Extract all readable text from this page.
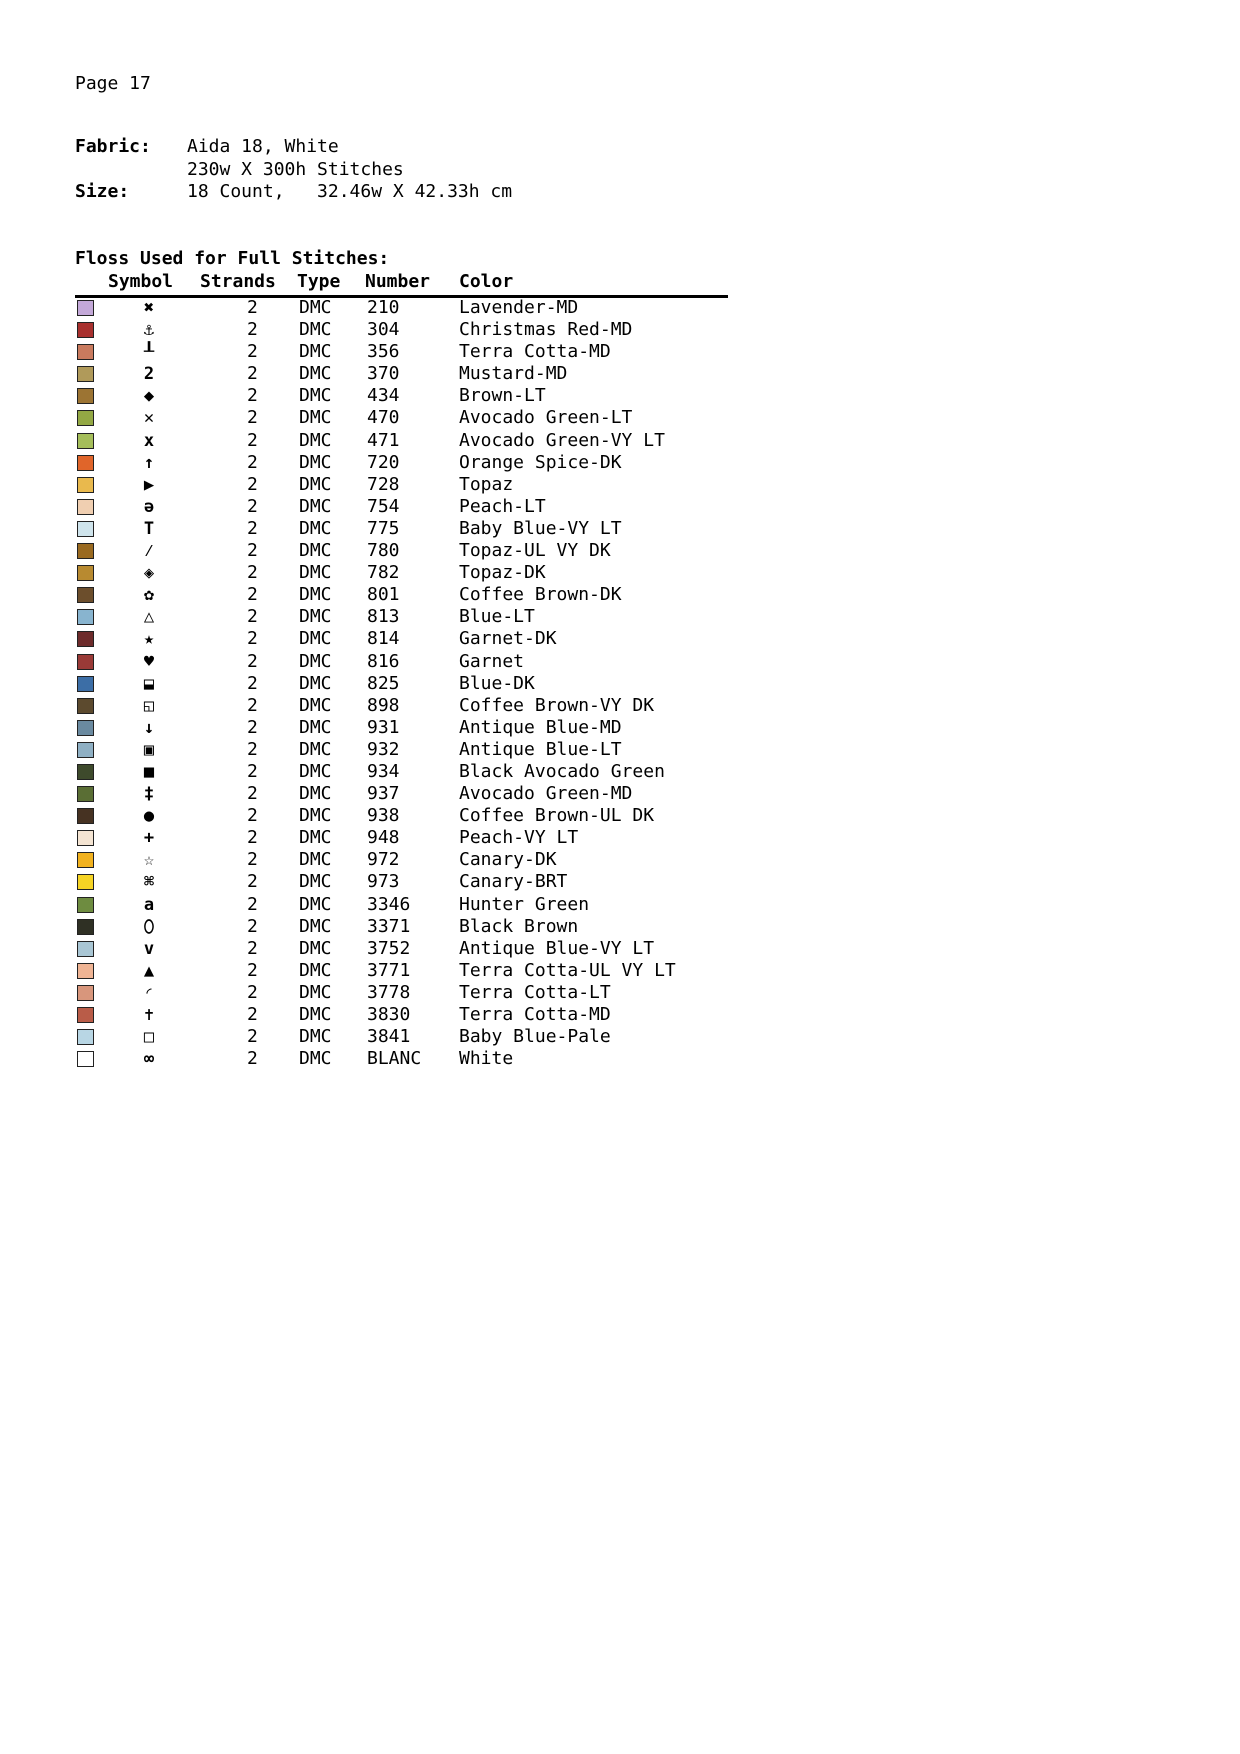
Page 17
Fabric:	Aida 18, White
230w X 300h Stitches
Size:	18 Count,   32.46w X 42.33h cm
Floss Used for Full Stitches:
Symbol Strands Type Number Color
✖	2 DMC 210	Lavender-MD
⚓	2 DMC 304	Christmas Red-MD
┸	2 DMC 356	Terra Cotta-MD
2	2 DMC 370	Mustard-MD
◆	2 DMC 434	Brown-LT
✕	2 DMC 470	Avocado Green-LT
x	2 DMC 471	Avocado Green-VY LT
↑	2 DMC 720	Orange Spice-DK
▶	2 DMC 728	Topaz
ə	2 DMC 754	Peach-LT
T	2 DMC 775	Baby Blue-VY LT
⁄	2 DMC 780	Topaz-UL VY DK
◈	2 DMC 782	Topaz-DK
✿	2 DMC 801	Coffee Brown-DK
△	2 DMC 813	Blue-LT
★	2 DMC 814	Garnet-DK
♥	2 DMC 816	Garnet
⬓	2 DMC 825	Blue-DK
◱	2 DMC 898	Coffee Brown-VY DK
↓	2 DMC 931	Antique Blue-MD
▣	2 DMC 932	Antique Blue-LT
■	2 DMC 934	Black Avocado Green
‡	2 DMC 937	Avocado Green-MD
●	2 DMC 938	Coffee Brown-UL DK
+	2 DMC 948	Peach-VY LT
☆	2 DMC 972	Canary-DK
⌘	2 DMC 973	Canary-BRT
a	2 DMC 3346	Hunter Green
⬯	2 DMC 3371	Black Brown
v	2 DMC 3752	Antique Blue-VY LT
▲	2 DMC 3771	Terra Cotta-UL VY LT
◜	2 DMC 3778	Terra Cotta-LT
✝	2 DMC 3830	Terra Cotta-MD
□	2 DMC 3841	Baby Blue-Pale
∞	2 DMC BLANC White
